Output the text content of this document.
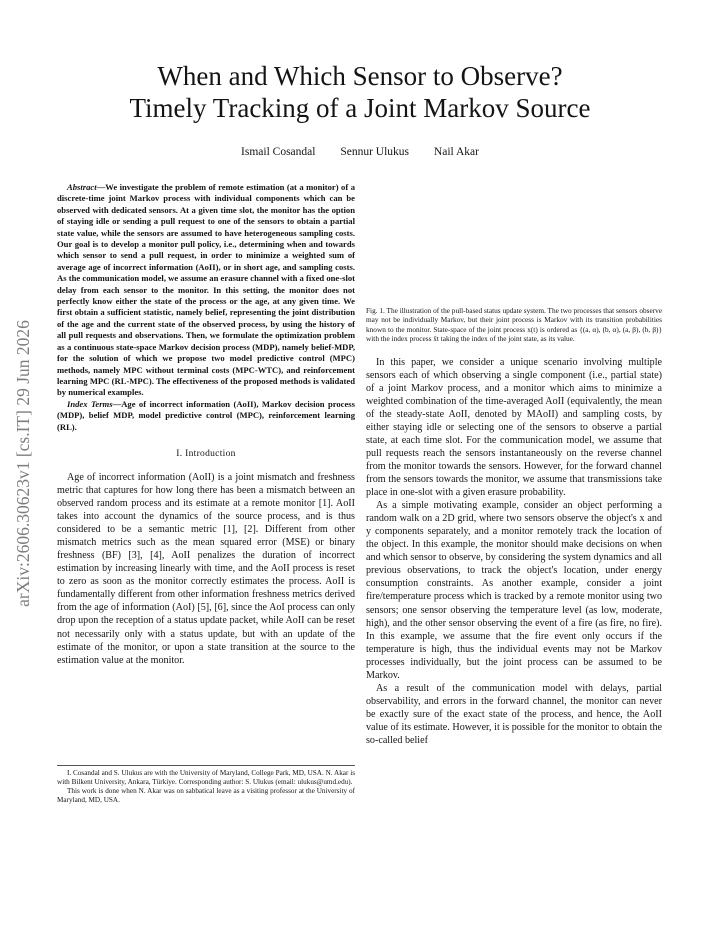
When and Which Sensor to Observe?
Timely Tracking of a Joint Markov Source
Ismail Cosandal Sennur Ulukus Nail Akar
arXiv:2606.30623v1 [cs.IT] 29 Jun 2026

Abstract—We investigate the problem of remote estimation (at a monitor) of a discrete-time joint Markov process with individual components which can be observed with dedicated sensors. At a given time slot, the monitor has the option of staying idle or sending a pull request to one of the sensors to obtain a partial state value, while the sensors are assumed to have heterogeneous sampling costs. Our goal is to develop a monitor pull policy, i.e., determining when and towards which sensor to send a pull request, in order to minimize a weighted sum of average age of incorrect information (AoII), or in short age, and sampling costs. As the communication model, we assume an erasure channel with a fixed one-slot delay from each sensor to the monitor. In this setting, the monitor does not perfectly know either the state of the process or the age, at any given time. We first obtain a sufficient statistic, namely belief, representing the joint distribution of the age and the current state of the observed process, by using the history of all pull requests and observations. Then, we formulate the optimization problem as a continuous state-space Markov decision process (MDP), namely belief-MDP, for the solution of which we propose two model predictive control (MPC) methods, namely MPC without terminal costs (MPC-WTC), and reinforcement learning MPC (RL-MPC). The effectiveness of the proposed methods is validated by numerical examples.

Index Terms—Age of incorrect information (AoII), Markov decision process (MDP), belief MDP, model predictive control (MPC), reinforcement learning (RL).

I. Introduction

Age of incorrect information (AoII) is a joint mismatch and freshness metric that captures for how long there has been a mismatch between an observed random process and its estimate at a remote monitor [1]. AoII takes into account the dynamics of the source process, and is thus considered to be a semantic metric [1], [2]. Different from other mismatch metrics such as the mean squared error (MSE) or binary freshness (BF) [3], [4], AoII penalizes the duration of incorrect estimation by increasing linearly with time, and the AoII process is reset to zero as soon as the monitor correctly estimates the process. AoII is fundamentally different from other information freshness metrics derived from the age of information (AoI) [5], [6], since the AoI process can only drop upon the reception of a status update packet, while AoII can be reset not necessarily only with a status update, but with an update of the estimate of the monitor, or upon a state transition at the source to the estimation value at the monitor.

I. Cosandal and S. Ulukus are with the University of Maryland, College Park, MD, USA. N. Akar is with Bilkent University, Ankara, Türkiye. Corresponding author: S. Ulukus (email: ulukus@umd.edu).

This work is done when N. Akar was on sabbatical leave as a visiting professor at the University of Maryland, MD, USA.

Fig. 1. The illustration of the pull-based status update system. The two processes that sensors observe may not be individually Markov, but their joint process is Markov with its transition probabilities known to the monitor. State-space of the joint process x(t) is ordered as {(a, α), (b, α), (a, β), (b, β)} with the index process x̄t taking the index of the joint state, as its value.

In this paper, we consider a unique scenario involving multiple sensors each of which observing a single component (i.e., partial state) of a joint Markov process, and a monitor which aims to minimize a weighted combination of the time-averaged AoII (equivalently, the mean of the steady-state AoII, denoted by MAoII) and sampling costs, by either staying idle or selecting one of the sensors to observe a partial state, at each time slot. For the communication model, we assume that pull requests reach the sensors instantaneously on the reverse channel from the monitor towards the sensors. However, for the forward channel from the sensors towards the monitor, we assume that transmissions take place in one-slot with a given erasure probability.

As a simple motivating example, consider an object performing a random walk on a 2D grid, where two sensors observe the object's x and y components separately, and a monitor remotely track the location of the object. In this example, the monitor should make decisions on when and which sensor to observe, by considering the system dynamics and all previous observations, to track the object's location, under energy consumption constraints. As another example, consider a joint fire/temperature process which is tracked by a remote monitor using two sensors; one sensor observing the temperature level (as low, moderate, high), and the other sensor observing the event of a fire (as fire, no fire). In this example, we assume that the fire event only occurs if the temperature is high, thus the individual events may not be Markov processes individually, but the joint process can be assumed to be Markov.

As a result of the communication model with delays, partial observability, and errors in the forward channel, the monitor can never be exactly sure of the exact state of the process, and hence, the AoII value of its estimate. However, it is possible for the monitor to obtain the so-called belief
